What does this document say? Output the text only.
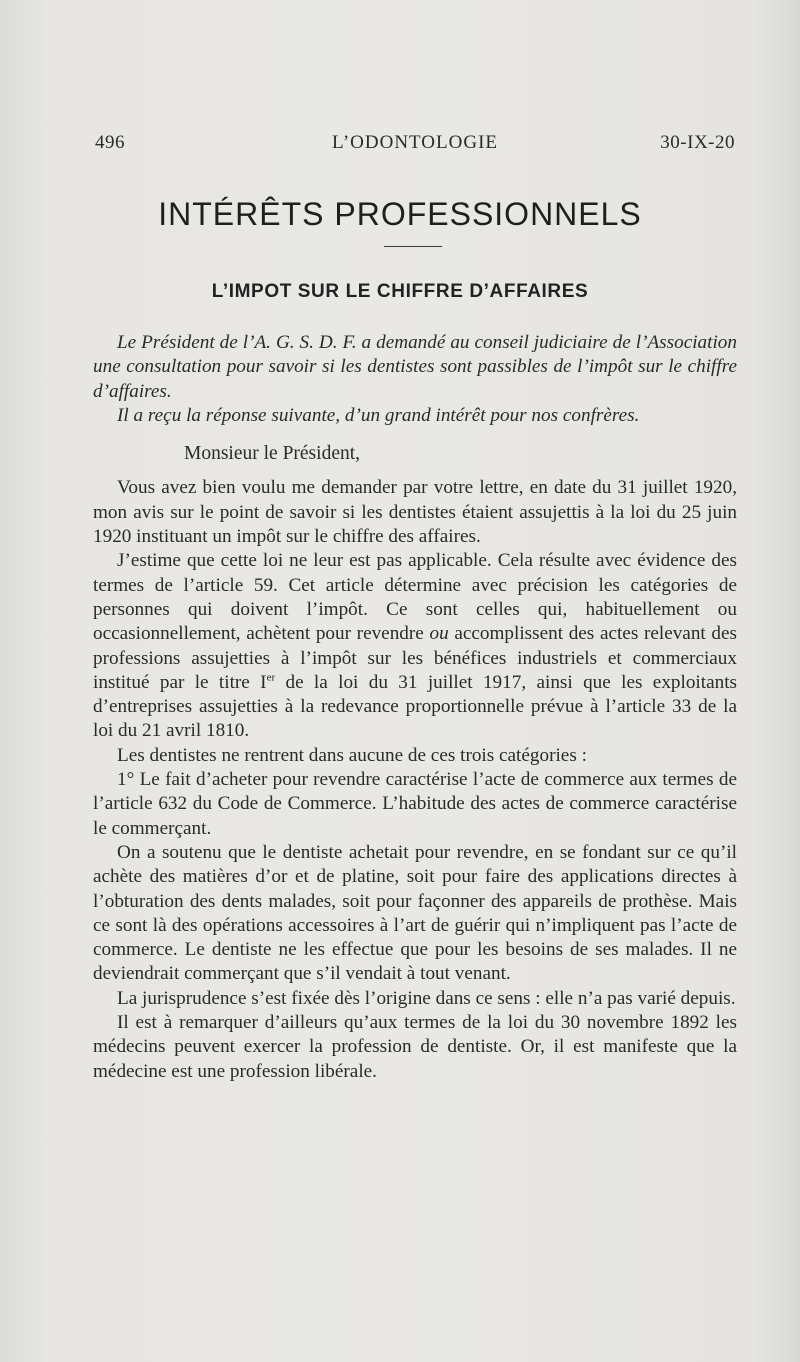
496	L’ODONTOLOGIE	30-IX-20
INTÉRÊTS PROFESSIONNELS
L’IMPOT SUR LE CHIFFRE D’AFFAIRES

Le Président de l’A. G. S. D. F. a demandé au conseil judiciaire de l’Association une consultation pour savoir si les dentistes sont passibles de l’impôt sur le chiffre d’affaires.

Il a reçu la réponse suivante, d’un grand intérêt pour nos confrères.

Monsieur le Président,

Vous avez bien voulu me demander par votre lettre, en date du 31 juillet 1920, mon avis sur le point de savoir si les dentistes étaient assujettis à la loi du 25 juin 1920 instituant un impôt sur le chiffre des affaires.

J’estime que cette loi ne leur est pas applicable. Cela résulte avec évidence des termes de l’article 59. Cet article détermine avec précision les catégories de personnes qui doivent l’impôt. Ce sont celles qui, habituellement ou occasionnellement, achètent pour revendre ou accomplissent des actes relevant des professions assujetties à l’impôt sur les bénéfices industriels et commerciaux institué par le titre Ier de la loi du 31 juillet 1917, ainsi que les exploitants d’entreprises assujetties à la redevance proportionnelle prévue à l’article 33 de la loi du 21 avril 1810.

Les dentistes ne rentrent dans aucune de ces trois catégories :

1° Le fait d’acheter pour revendre caractérise l’acte de commerce aux termes de l’article 632 du Code de Commerce. L’habitude des actes de commerce caractérise le commerçant.

On a soutenu que le dentiste achetait pour revendre, en se fondant sur ce qu’il achète des matières d’or et de platine, soit pour faire des applications directes à l’obturation des dents malades, soit pour façonner des appareils de prothèse. Mais ce sont là des opérations accessoires à l’art de guérir qui n’impliquent pas l’acte de commerce. Le dentiste ne les effectue que pour les besoins de ses malades. Il ne deviendrait commerçant que s’il vendait à tout venant.

La jurisprudence s’est fixée dès l’origine dans ce sens : elle n’a pas varié depuis.

Il est à remarquer d’ailleurs qu’aux termes de la loi du 30 novembre 1892 les médecins peuvent exercer la profession de dentiste. Or, il est manifeste que la médecine est une profession libérale.
